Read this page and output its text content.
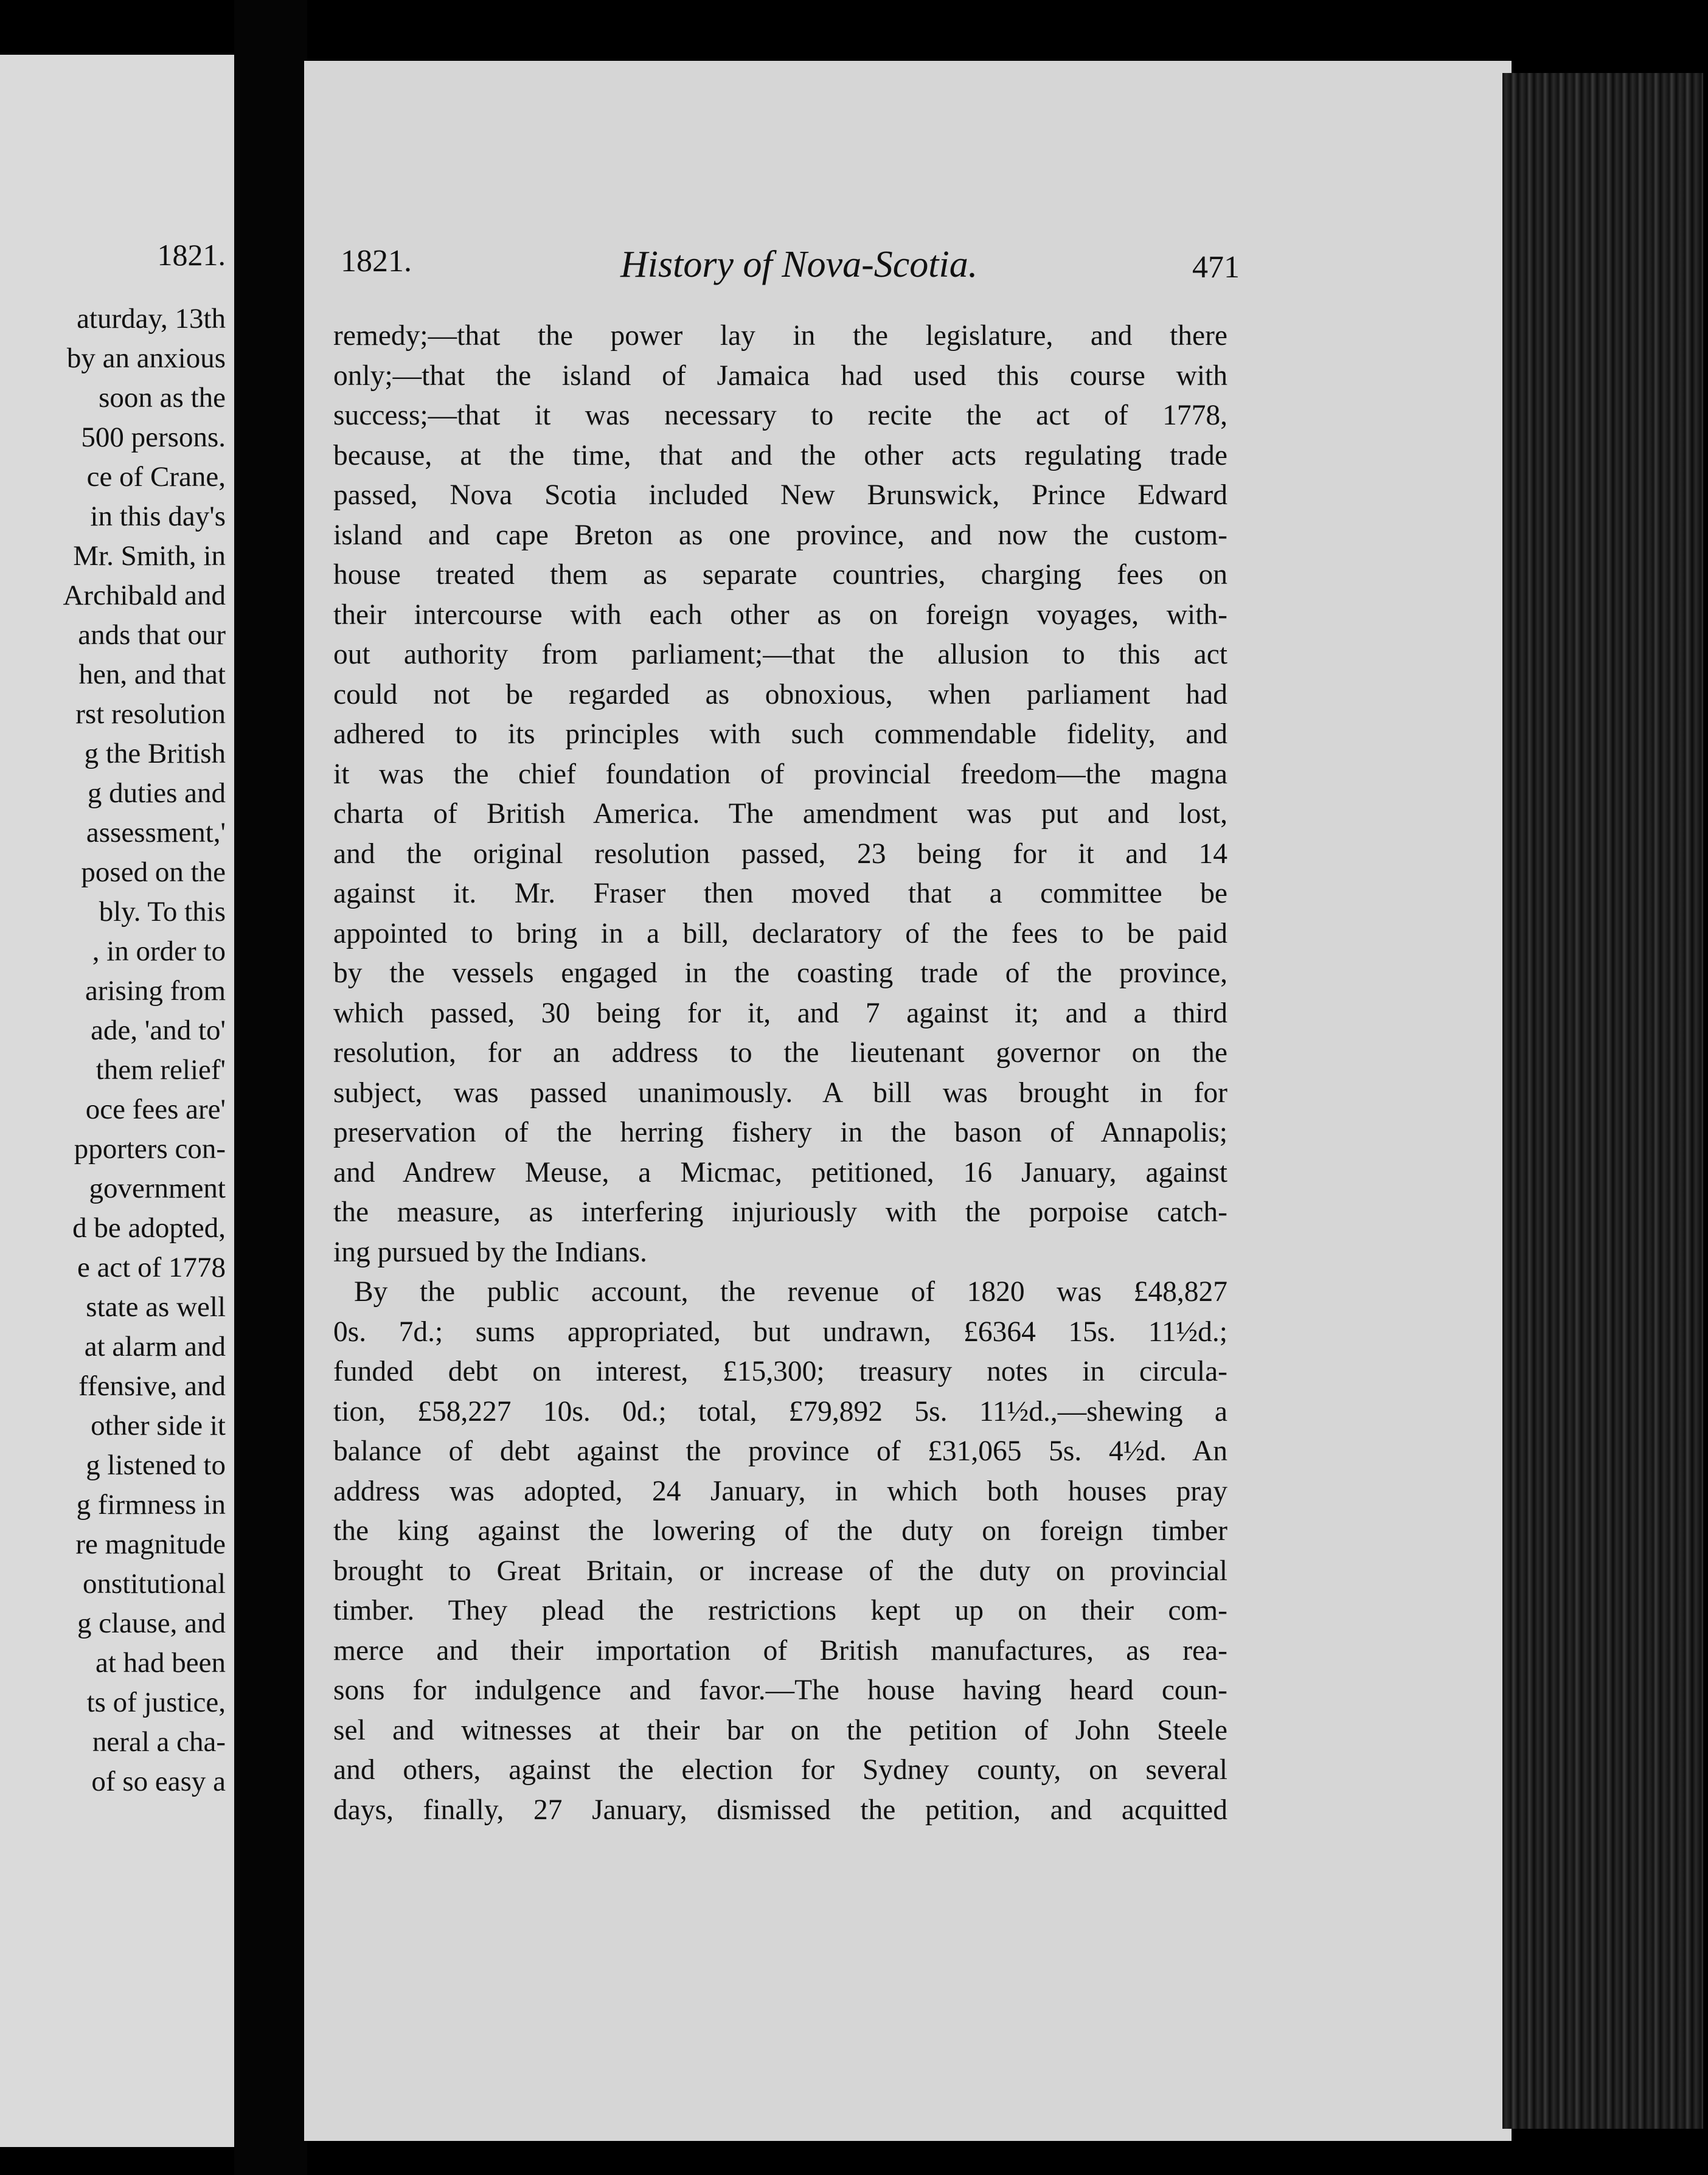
1821.
aturday, 13th
by an anxious
soon as the
500 persons.
ce of Crane,
in this day's
Mr. Smith, in
Archibald and
ands that our
hen, and that
rst resolution
g the British
g duties and
assessment,'
posed on the
bly. To this
, in order to
arising from
ade, 'and to'
them relief'
oce fees are'
pporters con-
government
d be adopted,
e act of 1778
state as well
at alarm and
ffensive, and
other side it
g listened to
g firmness in
re magnitude
onstitutional
g clause, and
at had been
ts of justice,
neral a cha-
of so easy a
1821.	History of Nova-Scotia.	471
remedy;—that the power lay in the legislature, and there
only;—that the island of Jamaica had used this course with
success;—that it was necessary to recite the act of 1778,
because, at the time, that and the other acts regulating trade
passed, Nova Scotia included New Brunswick, Prince Edward
island and cape Breton as one province, and now the custom-
house treated them as separate countries, charging fees on
their intercourse with each other as on foreign voyages, with-
out authority from parliament;—that the allusion to this act
could not be regarded as obnoxious, when parliament had
adhered to its principles with such commendable fidelity, and
it was the chief foundation of provincial freedom—the magna
charta of British America. The amendment was put and lost,
and the original resolution passed, 23 being for it and 14
against it. Mr. Fraser then moved that a committee be
appointed to bring in a bill, declaratory of the fees to be paid
by the vessels engaged in the coasting trade of the province,
which passed, 30 being for it, and 7 against it; and a third
resolution, for an address to the lieutenant governor on the
subject, was passed unanimously. A bill was brought in for
preservation of the herring fishery in the bason of Annapolis;
and Andrew Meuse, a Micmac, petitioned, 16 January, against
the measure, as interfering injuriously with the porpoise catch-
ing pursued by the Indians.
By the public account, the revenue of 1820 was £48,827
0s. 7d.; sums appropriated, but undrawn, £6364 15s. 11½d.;
funded debt on interest, £15,300; treasury notes in circula-
tion, £58,227 10s. 0d.; total, £79,892 5s. 11½d.,—shewing a
balance of debt against the province of £31,065 5s. 4½d. An
address was adopted, 24 January, in which both houses pray
the king against the lowering of the duty on foreign timber
brought to Great Britain, or increase of the duty on provincial
timber. They plead the restrictions kept up on their com-
merce and their importation of British manufactures, as rea-
sons for indulgence and favor.—The house having heard coun-
sel and witnesses at their bar on the petition of John Steele
and others, against the election for Sydney county, on several
days, finally, 27 January, dismissed the petition, and acquitted
